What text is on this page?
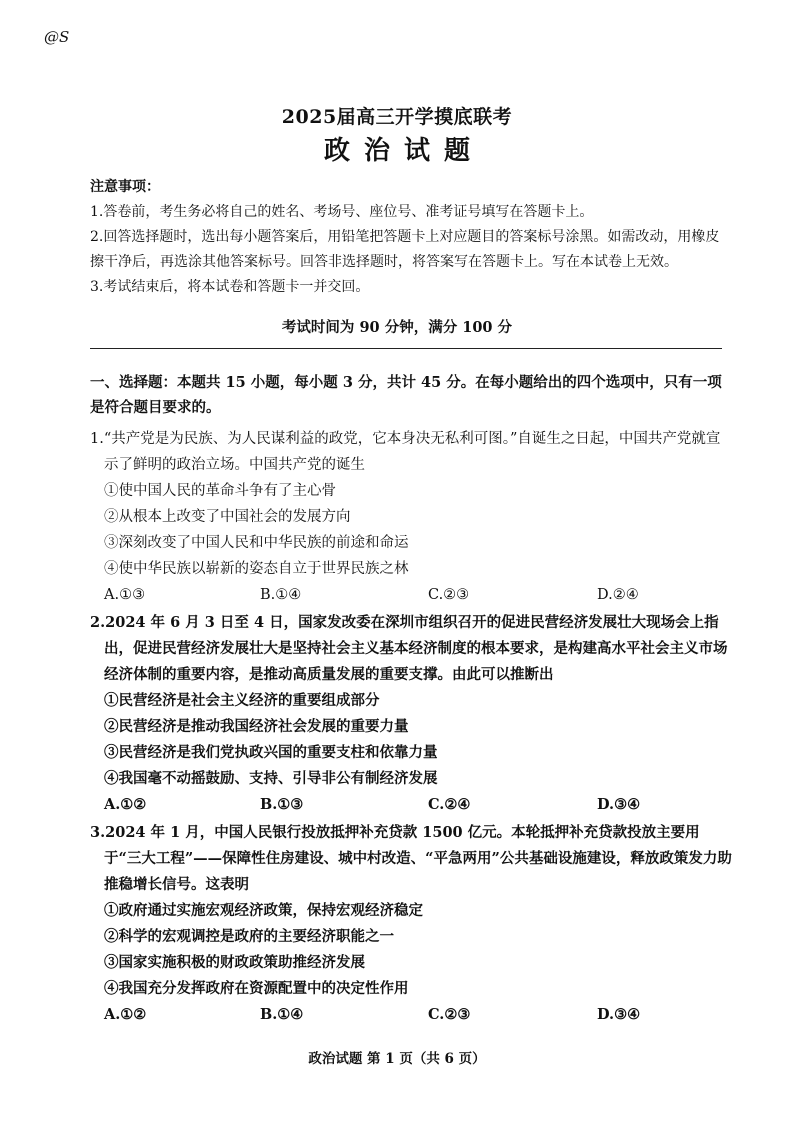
@S
2025届高三开学摸底联考
政治试题

注意事项：

1.答卷前，考生务必将自己的姓名、考场号、座位号、准考证号填写在答题卡上。

2.回答选择题时，选出每小题答案后，用铅笔把答题卡上对应题目的答案标号涂黑。如需改动，用橡皮擦干净后，再选涂其他答案标号。回答非选择题时，将答案写在答题卡上。写在本试卷上无效。

3.考试结束后，将本试卷和答题卡一并交回。

考试时间为 90 分钟，满分 100 分
一、选择题：本题共 15 小题，每小题 3 分，共计 45 分。在每小题给出的四个选项中，只有一项是符合题目要求的。

1.“共产党是为民族、为人民谋利益的政党，它本身决无私利可图。”自诞生之日起，中国共产党就宣示了鲜明的政治立场。中国共产党的诞生

①使中国人民的革命斗争有了主心骨

②从根本上改变了中国社会的发展方向

③深刻改变了中国人民和中华民族的前途和命运

④使中华民族以崭新的姿态自立于世界民族之林

A.①③	B.①④	C.②③	D.②④

2.2024 年 6 月 3 日至 4 日，国家发改委在深圳市组织召开的促进民营经济发展壮大现场会上指出，促进民营经济发展壮大是坚持社会主义基本经济制度的根本要求，是构建高水平社会主义市场经济体制的重要内容，是推动高质量发展的重要支撑。由此可以推断出

①民营经济是社会主义经济的重要组成部分

②民营经济是推动我国经济社会发展的重要力量

③民营经济是我们党执政兴国的重要支柱和依靠力量

④我国毫不动摇鼓励、支持、引导非公有制经济发展

A.①②	B.①③	C.②④	D.③④

3.2024 年 1 月，中国人民银行投放抵押补充贷款 1500 亿元。本轮抵押补充贷款投放主要用于“三大工程”——保障性住房建设、城中村改造、“平急两用”公共基础设施建设，释放政策发力助推稳增长信号。这表明

①政府通过实施宏观经济政策，保持宏观经济稳定

②科学的宏观调控是政府的主要经济职能之一

③国家实施积极的财政政策助推经济发展

④我国充分发挥政府在资源配置中的决定性作用

A.①②	B.①④	C.②③	D.③④
政治试题 第 1 页（共 6 页）
